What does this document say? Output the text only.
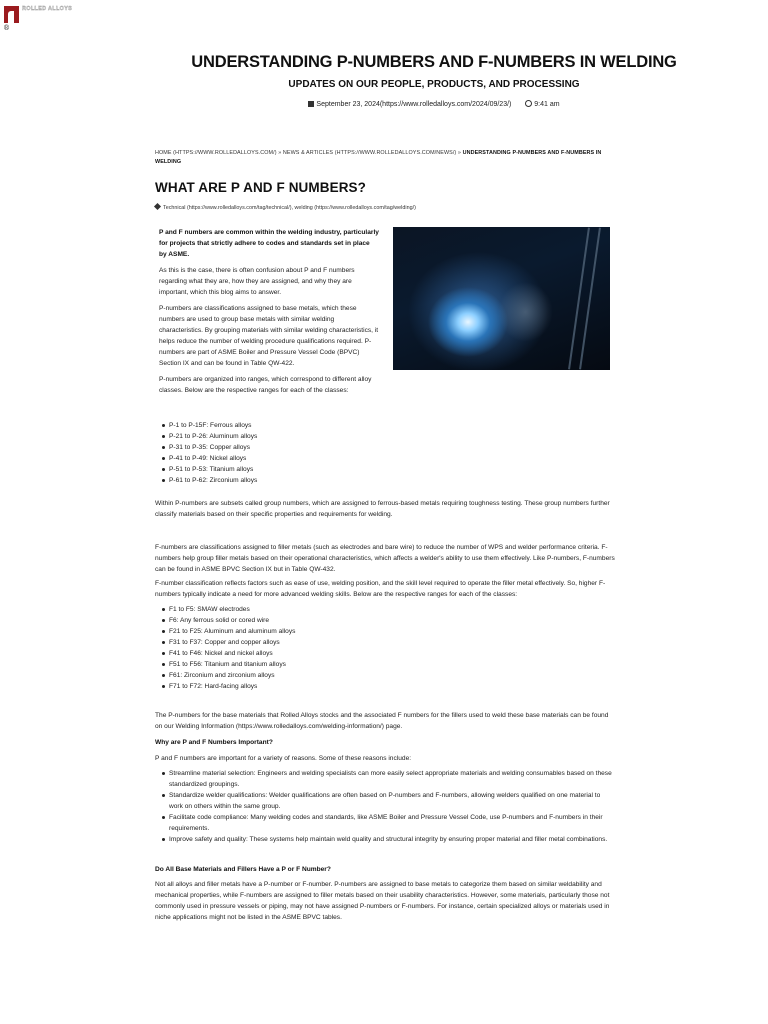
ROLLED ALLOYS
®
UNDERSTANDING P-NUMBERS AND F-NUMBERS IN WELDING
UPDATES ON OUR PEOPLE, PRODUCTS, AND PROCESSING
September 23, 2024(https://www.rolledalloys.com/2024/09/23/)	9:41 am
HOME (HTTPS://WWW.ROLLEDALLOYS.COM/) » NEWS & ARTICLES (HTTPS://WWW.ROLLEDALLOYS.COM/NEWS/) » UNDERSTANDING P-NUMBERS AND F-NUMBERS IN WELDING
WHAT ARE P AND F NUMBERS?
Technical (https://www.rolledalloys.com/tag/technical/), welding (https://www.rolledalloys.com/tag/welding/)

P and F numbers are common within the welding industry, particularly for projects that strictly adhere to codes and standards set in place by ASME.

As this is the case, there is often confusion about P and F numbers regarding what they are, how they are assigned, and why they are important, which this blog aims to answer.

P-numbers are classifications assigned to base metals, which these numbers are used to group base metals with similar welding characteristics. By grouping materials with similar welding characteristics, it helps reduce the number of welding procedure qualifications required. P-numbers are part of ASME Boiler and Pressure Vessel Code (BPVC) Section IX and can be found in Table QW-422.

P-numbers are organized into ranges, which correspond to different alloy classes. Below are the respective ranges for each of the classes:

P-1 to P-15F: Ferrous alloys
P-21 to P-26: Aluminum alloys
P-31 to P-35: Copper alloys
P-41 to P-49: Nickel alloys
P-51 to P-53: Titanium alloys
P-61 to P-62: Zirconium alloys

Within P-numbers are subsets called group numbers, which are assigned to ferrous-based metals requiring toughness testing. These group numbers further classify materials based on their specific properties and requirements for welding.

F-numbers are classifications assigned to filler metals (such as electrodes and bare wire) to reduce the number of WPS and welder performance criteria. F-numbers help group filler metals based on their operational characteristics, which affects a welder's ability to use them effectively. Like P-numbers, F-numbers can be found in ASME BPVC Section IX but in Table QW-432.

F-number classification reflects factors such as ease of use, welding position, and the skill level required to operate the filler metal effectively. So, higher F-numbers typically indicate a need for more advanced welding skills. Below are the respective ranges for each of the classes:

F1 to F5: SMAW electrodes
F6: Any ferrous solid or cored wire
F21 to F25: Aluminum and aluminum alloys
F31 to F37: Copper and copper alloys
F41 to F46: Nickel and nickel alloys
F51 to F56: Titanium and titanium alloys
F61: Zirconium and zirconium alloys
F71 to F72: Hard-facing alloys

The P-numbers for the base materials that Rolled Alloys stocks and the associated F numbers for the fillers used to weld these base materials can be found on our Welding Information (https://www.rolledalloys.com/welding-information/) page.

Why are P and F Numbers Important?

P and F numbers are important for a variety of reasons. Some of these reasons include:

Streamline material selection: Engineers and welding specialists can more easily select appropriate materials and welding consumables based on these standardized groupings.
Standardize welder qualifications: Welder qualifications are often based on P-numbers and F-numbers, allowing welders qualified on one material to work on others within the same group.
Facilitate code compliance: Many welding codes and standards, like ASME Boiler and Pressure Vessel Code, use P-numbers and F-numbers in their requirements.
Improve safety and quality: These systems help maintain weld quality and structural integrity by ensuring proper material and filler metal combinations.

Do All Base Materials and Fillers Have a P or F Number?

Not all alloys and filler metals have a P-number or F-number. P-numbers are assigned to base metals to categorize them based on similar weldability and mechanical properties, while F-numbers are assigned to filler metals based on their usability characteristics. However, some materials, particularly those not commonly used in pressure vessels or piping, may not have assigned P-numbers or F-numbers. For instance, certain specialized alloys or materials used in niche applications might not be listed in the ASME BPVC tables.
